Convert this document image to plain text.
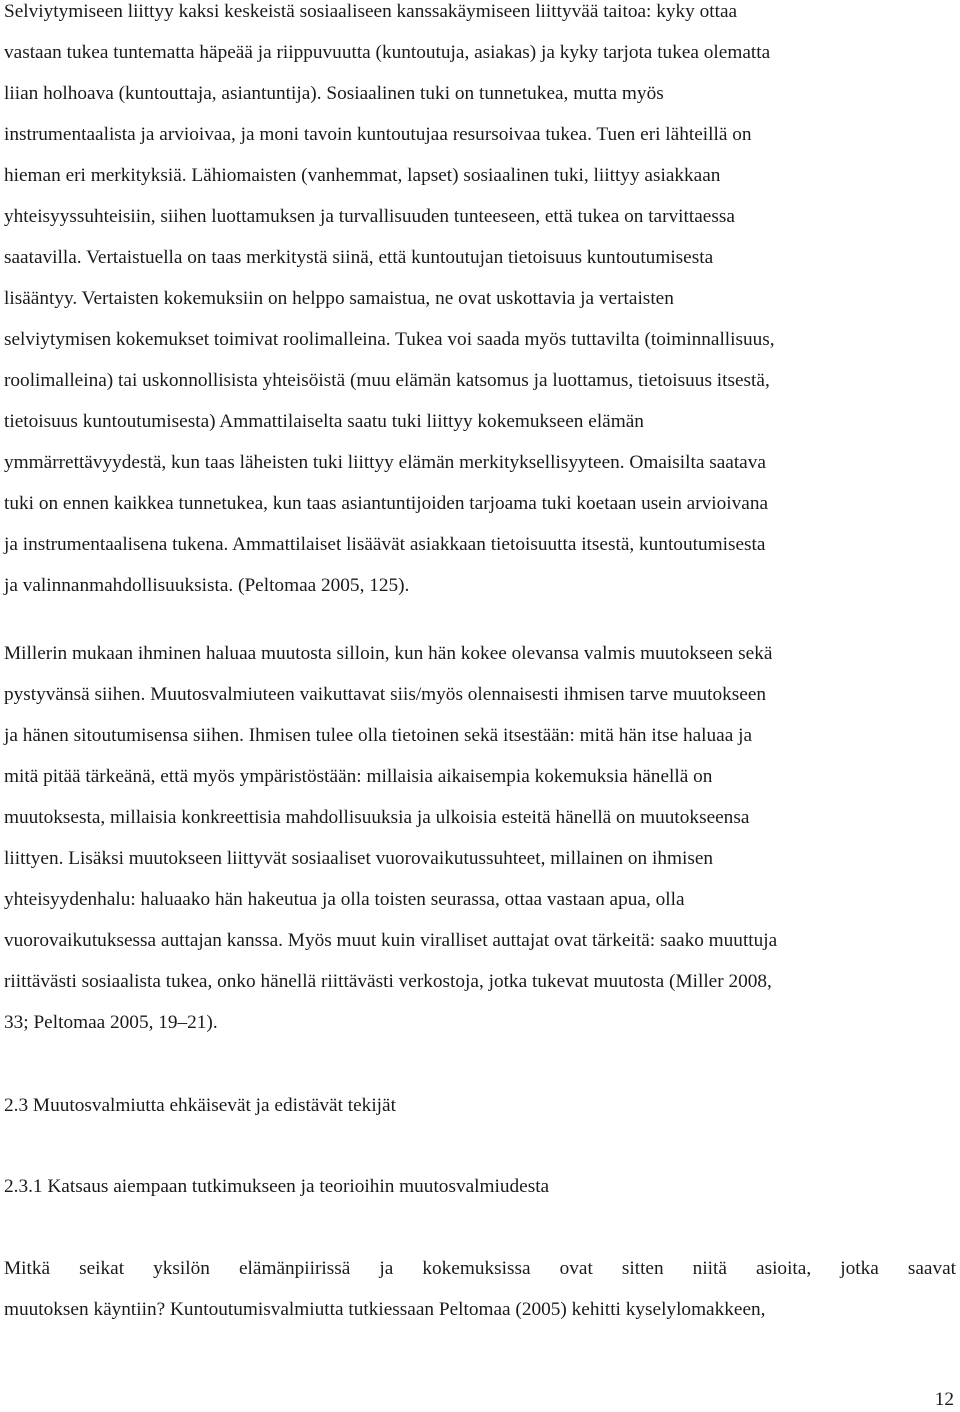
Selviytymiseen liittyy kaksi keskeistä sosiaaliseen kanssakäymiseen liittyvää taitoa: kyky ottaa
vastaan tukea tuntematta häpeää ja riippuvuutta (kuntoutuja, asiakas) ja kyky tarjota tukea olematta
liian holhoava (kuntouttaja, asiantuntija). Sosiaalinen tuki on tunnetukea, mutta myös
instrumentaalista ja arvioivaa, ja moni tavoin kuntoutujaa resursoivaa tukea. Tuen eri lähteillä on
hieman eri merkityksiä. Lähiomaisten (vanhemmat, lapset) sosiaalinen tuki, liittyy asiakkaan
yhteisyyssuhteisiin, siihen luottamuksen ja turvallisuuden tunteeseen, että tukea on tarvittaessa
saatavilla. Vertaistuella on taas merkitystä siinä, että kuntoutujan tietoisuus kuntoutumisesta
lisääntyy. Vertaisten kokemuksiin on helppo samaistua, ne ovat uskottavia ja vertaisten
selviytymisen kokemukset toimivat roolimalleina. Tukea voi saada myös tuttavilta (toiminnallisuus,
roolimalleina) tai uskonnollisista yhteisöistä (muu elämän katsomus ja luottamus, tietoisuus itsestä,
tietoisuus kuntoutumisesta) Ammattilaiselta saatu tuki liittyy kokemukseen elämän
ymmärrettävyydestä, kun taas läheisten tuki liittyy elämän merkityksellisyyteen. Omaisilta saatava
tuki on ennen kaikkea tunnetukea, kun taas asiantuntijoiden tarjoama tuki koetaan usein arvioivana
ja instrumentaalisena tukena. Ammattilaiset lisäävät asiakkaan tietoisuutta itsestä, kuntoutumisesta
ja valinnanmahdollisuuksista. (Peltomaa 2005, 125).
Millerin mukaan ihminen haluaa muutosta silloin, kun hän kokee olevansa valmis muutokseen sekä
pystyvänsä siihen. Muutosvalmiuteen vaikuttavat siis/myös olennaisesti ihmisen tarve muutokseen
ja hänen sitoutumisensa siihen. Ihmisen tulee olla tietoinen sekä itsestään: mitä hän itse haluaa ja
mitä pitää tärkeänä, että myös ympäristöstään: millaisia aikaisempia kokemuksia hänellä on
muutoksesta, millaisia konkreettisia mahdollisuuksia ja ulkoisia esteitä hänellä on muutokseensa
liittyen. Lisäksi muutokseen liittyvät sosiaaliset vuorovaikutussuhteet, millainen on ihmisen
yhteisyydenhalu: haluaako hän hakeutua ja olla toisten seurassa, ottaa vastaan apua, olla
vuorovaikutuksessa auttajan kanssa. Myös muut kuin viralliset auttajat ovat tärkeitä: saako muuttuja
riittävästi sosiaalista tukea, onko hänellä riittävästi verkostoja, jotka tukevat muutosta (Miller 2008,
33; Peltomaa 2005, 19–21).
2.3 Muutosvalmiutta ehkäisevät ja edistävät tekijät
2.3.1 Katsaus aiempaan tutkimukseen ja teorioihin muutosvalmiudesta
Mitkä seikat yksilön elämänpiirissä ja kokemuksissa ovat sitten niitä asioita, jotka saavat
muutoksen käyntiin? Kuntoutumisvalmiutta tutkiessaan Peltomaa (2005) kehitti kyselylomakkeen,
12
